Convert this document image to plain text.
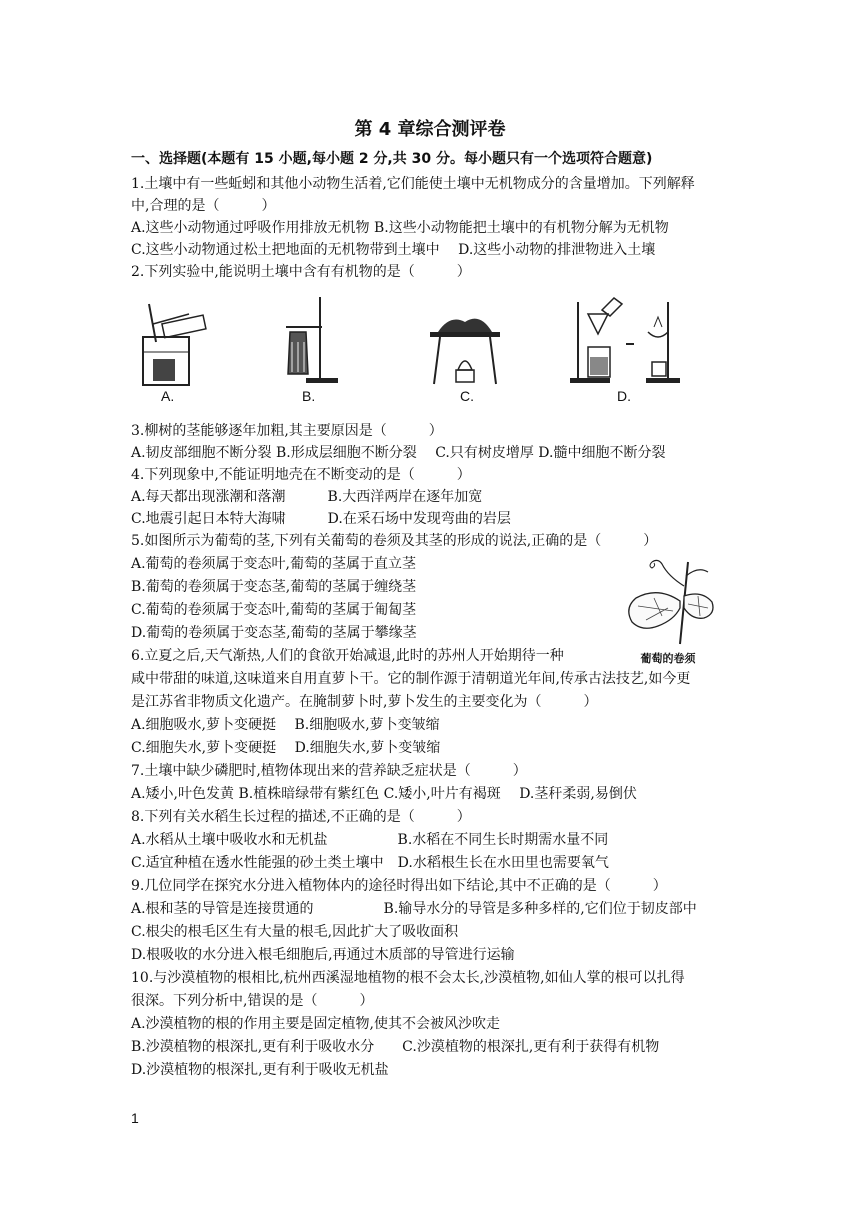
第 4 章综合测评卷
一、选择题(本题有 15 小题,每小题 2 分,共 30 分。每小题只有一个选项符合题意)
1.土壤中有一些蚯蚓和其他小动物生活着,它们能使土壤中无机物成分的含量增加。下列解释
中,合理的是（　　　）
A.这些小动物通过呼吸作用排放无机物 B.这些小动物能把土壤中的有机物分解为无机物
C.这些小动物通过松土把地面的无机物带到土壤中　 D.这些小动物的排泄物进入土壤
2.下列实验中,能说明土壤中含有有机物的是（　　　）
A.	B.	C.	D.
3.柳树的茎能够逐年加粗,其主要原因是（　　　）
A.韧皮部细胞不断分裂 B.形成层细胞不断分裂　 C.只有树皮增厚 D.髓中细胞不断分裂
4.下列现象中,不能证明地壳在不断变动的是（　　　）
A.每天都出现涨潮和落潮　　　B.大西洋两岸在逐年加宽
C.地震引起日本特大海啸　　　D.在采石场中发现弯曲的岩层
5.如图所示为葡萄的茎,下列有关葡萄的卷须及其茎的形成的说法,正确的是（　　　）
A.葡萄的卷须属于变态叶,葡萄的茎属于直立茎
B.葡萄的卷须属于变态茎,葡萄的茎属于缠绕茎
C.葡萄的卷须属于变态叶,葡萄的茎属于匍匐茎
D.葡萄的卷须属于变态茎,葡萄的茎属于攀缘茎
6.立夏之后,天气渐热,人们的食欲开始减退,此时的苏州人开始期待一种
咸中带甜的味道,这味道来自用直萝卜干。它的制作源于清朝道光年间,传承古法技艺,如今更
是江苏省非物质文化遗产。在腌制萝卜时,萝卜发生的主要变化为（　　　）
A.细胞吸水,萝卜变硬挺　 B.细胞吸水,萝卜变皱缩
C.细胞失水,萝卜变硬挺　 D.细胞失水,萝卜变皱缩
7.土壤中缺少磷肥时,植物体现出来的营养缺乏症状是（　　　）
A.矮小,叶色发黄 B.植株暗绿带有紫红色 C.矮小,叶片有褐斑　 D.茎秆柔弱,易倒伏
8.下列有关水稻生长过程的描述,不正确的是（　　　）
A.水稻从土壤中吸收水和无机盐　　　　　B.水稻在不同生长时期需水量不同
C.适宜种植在透水性能强的砂土类土壤中　D.水稻根生长在水田里也需要氧气
9.几位同学在探究水分进入植物体内的途径时得出如下结论,其中不正确的是（　　　）
A.根和茎的导管是连接贯通的　　　　　B.输导水分的导管是多种多样的,它们位于韧皮部中
C.根尖的根毛区生有大量的根毛,因此扩大了吸收面积
D.根吸收的水分进入根毛细胞后,再通过木质部的导管进行运输
10.与沙漠植物的根相比,杭州西溪湿地植物的根不会太长,沙漠植物,如仙人掌的根可以扎得
很深。下列分析中,错误的是（　　　）
A.沙漠植物的根的作用主要是固定植物,使其不会被风沙吹走
B.沙漠植物的根深扎,更有利于吸收水分　　C.沙漠植物的根深扎,更有利于获得有机物
D.沙漠植物的根深扎,更有利于吸收无机盐
葡萄的卷须
1
